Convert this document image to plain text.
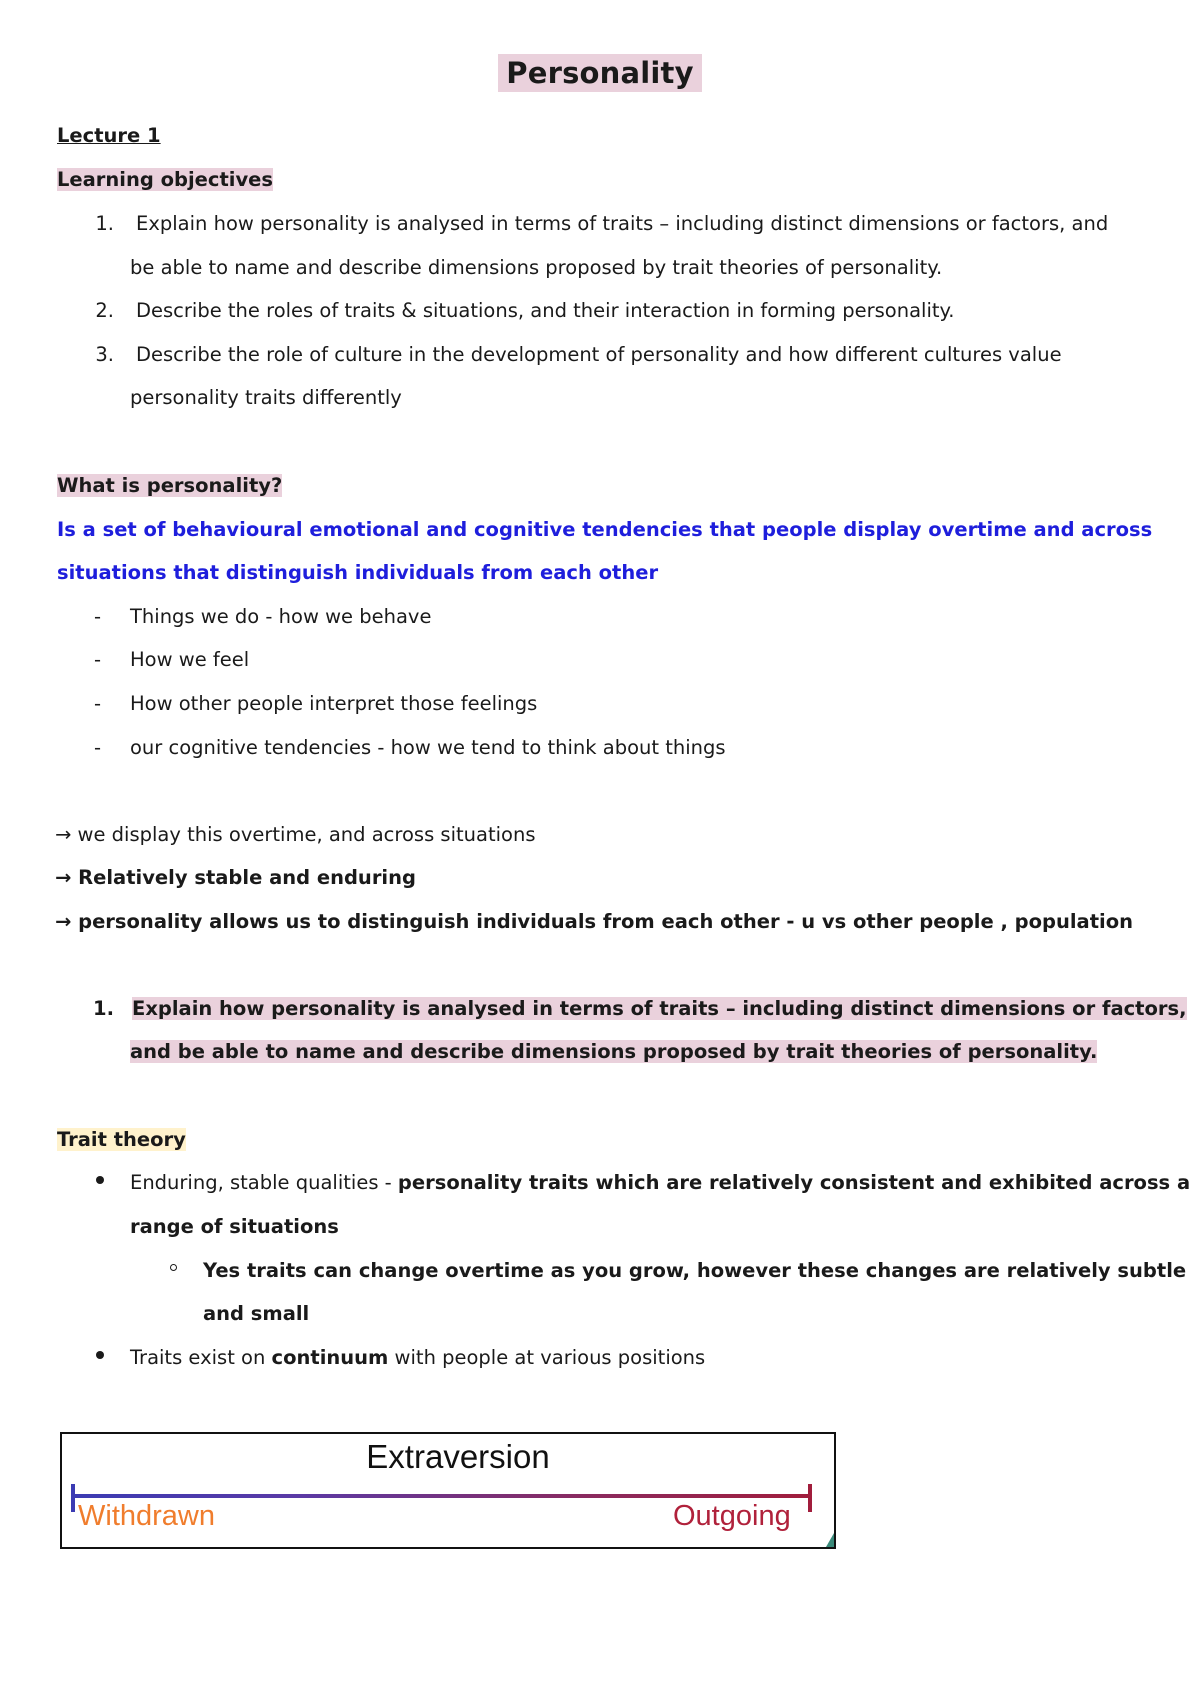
Personality
Lecture 1
Learning objectives
1. Explain how personality is analysed in terms of traits – including distinct dimensions or factors, and
be able to name and describe dimensions proposed by trait theories of personality.
2. Describe the roles of traits & situations, and their interaction in forming personality.
3. Describe the role of culture in the development of personality and how different cultures value
personality traits differently
What is personality?
Is a set of behavioural emotional and cognitive tendencies that people display overtime and across
situations that distinguish individuals from each other
- Things we do - how we behave
- How we feel
- How other people interpret those feelings
- our cognitive tendencies - how we tend to think about things
→ we display this overtime, and across situations
→ Relatively stable and enduring
→ personality allows us to distinguish individuals from each other - u vs other people , population
1. Explain how personality is analysed in terms of traits – including distinct dimensions or factors,
and be able to name and describe dimensions proposed by trait theories of personality.
Trait theory
Enduring, stable qualities - personality traits which are relatively consistent and exhibited across a
range of situations
Yes traits can change overtime as you grow, however these changes are relatively subtle
and small
Traits exist on continuum with people at various positions
Extraversion
Withdrawn	Outgoing
